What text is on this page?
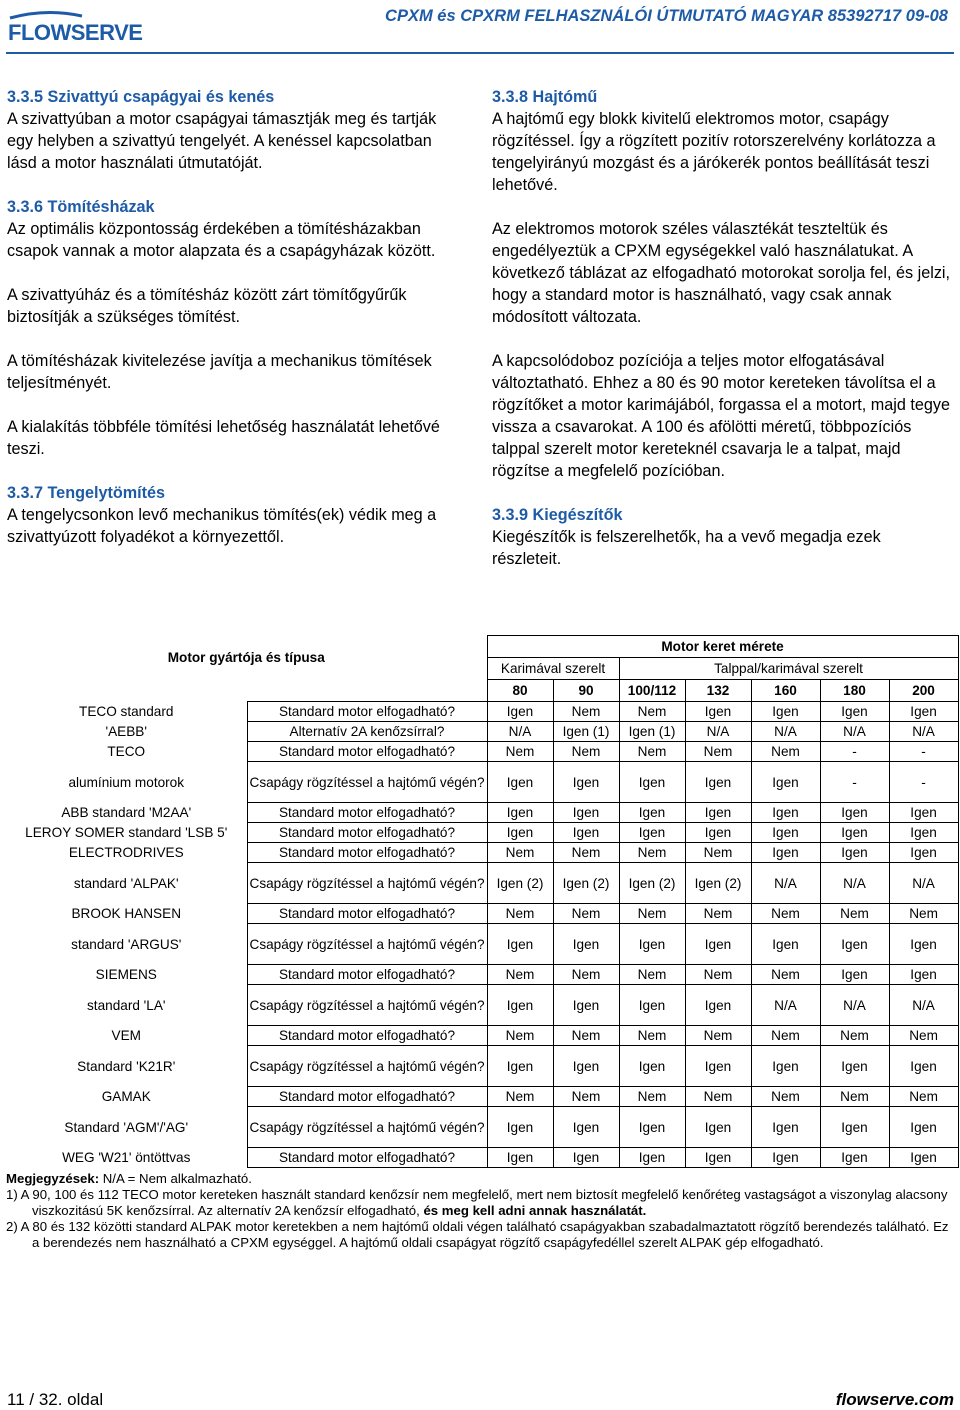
FLOWSERVE
CPXM és CPXRM FELHASZNÁLÓI ÚTMUTATÓ MAGYAR 85392717 09-08
3.3.5 Szivattyú csapágyai és kenés

A szivattyúban a motor csapágyai támasztják meg és tartják egy helyben a szivattyú tengelyét. A kenéssel kapcsolatban lásd a motor használati útmutatóját.

3.3.6 Tömítésházak

Az optimális központosság érdekében a tömítésházakban csapok vannak a motor alapzata és a csapágyházak között.

A szivattyúház és a tömítésház között zárt tömítőgyűrűk biztosítják a szükséges tömítést.

A tömítésházak kivitelezése javítja a mechanikus tömítések teljesítményét.

A kialakítás többféle tömítési lehetőség használatát lehetővé teszi.

3.3.7 Tengelytömítés

A tengelycsonkon levő mechanikus tömítés(ek) védik meg a szivattyúzott folyadékot a környezettől.

3.3.8 Hajtómű

A hajtómű egy blokk kivitelű elektromos motor, csapágy rögzítéssel. Így a rögzített pozitív rotorszerelvény korlátozza a tengelyirányú mozgást és a járókerék pontos beállítását teszi lehetővé.

Az elektromos motorok széles választékát teszteltük és engedélyeztük a CPXM egységekkel való használatukat. A következő táblázat az elfogadható motorokat sorolja fel, és jelzi, hogy a standard motor is használható, vagy csak annak módosított változata.

A kapcsolódoboz pozíciója a teljes motor elfogatásával változtatható. Ehhez a 80 és 90 motor kereteken távolítsa el a rögzítőket a motor karimájából, forgassa el a motort, majd tegye vissza a csavarokat. A 100 és afölötti méretű, többpozíciós talppal szerelt motor kereteknél csavarja le a talpat, majd rögzítse a megfelelő pozícióban.

3.3.9 Kiegészítők

Kiegészítők is felszerelhetők, ha a vevő megadja ezek részleteit.

Motor gyártója és típusa		Motor keret mérete						
		Karimával szerelt		Talppal/karimával szerelt				
		80	90	100/112	132	160	180	200
TECO standard	Standard motor elfogadható?	Igen	Nem	Nem	Igen	Igen	Igen	Igen
'AEBB'	Alternatív 2A kenőzsírral?	N/A	Igen (1)	Igen (1)	N/A	N/A	N/A	N/A
TECO	Standard motor elfogadható?	Nem	Nem	Nem	Nem	Nem	-	-
alumínium motorok	Csapágy rögzítéssel a hajtómű végén?	Igen	Igen	Igen	Igen	Igen	-	-
ABB standard 'M2AA'	Standard motor elfogadható?	Igen	Igen	Igen	Igen	Igen	Igen	Igen
LEROY SOMER standard 'LSB 5'	Standard motor elfogadható?	Igen	Igen	Igen	Igen	Igen	Igen	Igen
ELECTRODRIVES	Standard motor elfogadható?	Nem	Nem	Nem	Nem	Igen	Igen	Igen
standard 'ALPAK'	Csapágy rögzítéssel a hajtómű végén?	Igen (2)	Igen (2)	Igen (2)	Igen (2)	N/A	N/A	N/A
BROOK HANSEN	Standard motor elfogadható?	Nem	Nem	Nem	Nem	Nem	Nem	Nem
standard 'ARGUS'	Csapágy rögzítéssel a hajtómű végén?	Igen	Igen	Igen	Igen	Igen	Igen	Igen
SIEMENS	Standard motor elfogadható?	Nem	Nem	Nem	Nem	Nem	Igen	Igen
standard 'LA'	Csapágy rögzítéssel a hajtómű végén?	Igen	Igen	Igen	Igen	N/A	N/A	N/A
VEM	Standard motor elfogadható?	Nem	Nem	Nem	Nem	Nem	Nem	Nem
Standard 'K21R'	Csapágy rögzítéssel a hajtómű végén?	Igen	Igen	Igen	Igen	Igen	Igen	Igen
GAMAK	Standard motor elfogadható?	Nem	Nem	Nem	Nem	Nem	Nem	Nem
Standard 'AGM'/'AG'	Csapágy rögzítéssel a hajtómű végén?	Igen	Igen	Igen	Igen	Igen	Igen	Igen
WEG 'W21' öntöttvas	Standard motor elfogadható?	Igen	Igen	Igen	Igen	Igen	Igen	Igen

Megjegyzések: N/A = Nem alkalmazható.

1) A 90, 100 és 112 TECO motor kereteken használt standard kenőzsír nem megfelelő, mert nem biztosít megfelelő kenőréteg vastagságot a viszonylag alacsony viszkozitású 5K kenőzsírral. Az alternatív 2A kenőzsír elfogadható, és meg kell adni annak használatát.

2) A 80 és 132 közötti standard ALPAK motor keretekben a nem hajtómű oldali végen található csapágyakban szabadalmaztatott rögzítő berendezés található. Ez a berendezés nem használható a CPXM egységgel. A hajtómű oldali csapágyat rögzítő csapágyfedéllel szerelt ALPAK gép elfogadható.

11 / 32. oldal	flowserve.com
